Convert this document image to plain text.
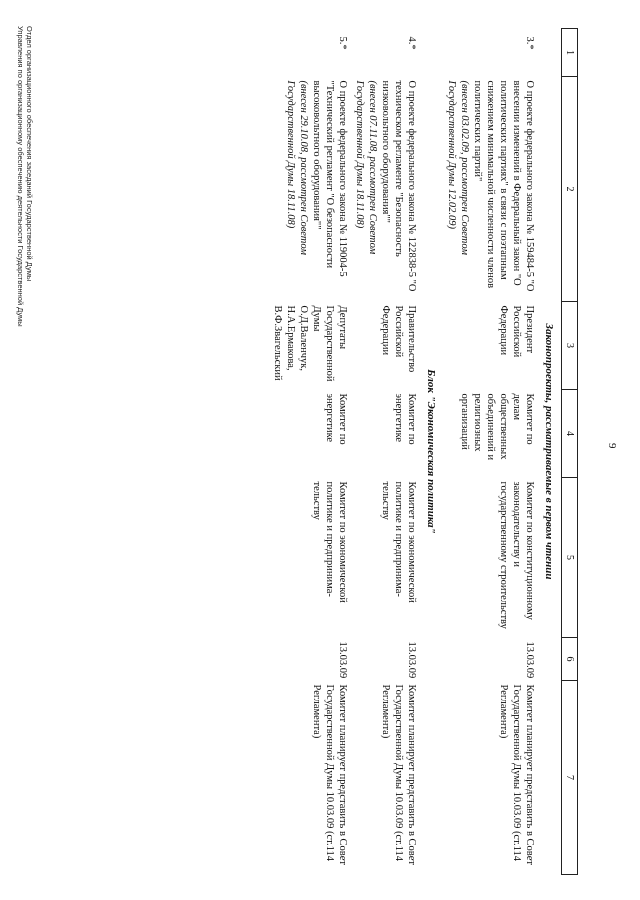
9
1	2	3	4	5	6	7
Законопроекты, рассматриваемые в первом чтении						
3.*	О проекте федерального закона № 159484-5 "О внесении изменений в Федеральный закон "О политических партиях" в связи с поэтапным снижением минимальной численности членов политических партий"
(внесен 03.02.09, рассмотрен Советом Государственной Думы 12.02.09)	Президент Российской Федерации	Комитет по делам общественных объединений и религиозных организаций	Комитет по конституционному законодательству и государственному строительству	13.03.09	Комитет планирует представить в Совет Государственной Думы 10.03.09 (ст.114 Регламента)
Блок "Экономическая политика"						
4.*	О проекте федерального закона № 122838-5 "О техническом регламенте "Безопасность низковольтного оборудования""
(внесен 07.11.08, рассмотрен Советом Государственной Думы 18.11.08)	Правительство Российской Федерации	Комитет по энергетике	Комитет по экономической политике и предпринима-тельству	13.03.09	Комитет планирует представить в Совет Государственной Думы 10.03.09 (ст.114 Регламента)
5.*	О проекте федерального закона № 119004-5 "Технический регламент "О безопасности высоковольтного оборудования""
(внесен 29.10.08, рассмотрен Советом Государственной Думы 18.11.08)	Депутаты Государственной Думы О.Д.Валенчук, Н.А.Ермакова, В.Ф.Звагельский	Комитет по энергетике	Комитет по экономической политике и предпринима-тельству	13.03.09	Комитет планирует представить в Совет Государственной Думы 10.03.09 (ст.114 Регламента)
Отдел организационного обеспечения заседаний Государственной Думы
Управления по организационному обеспечению деятельности Государственной Думы
